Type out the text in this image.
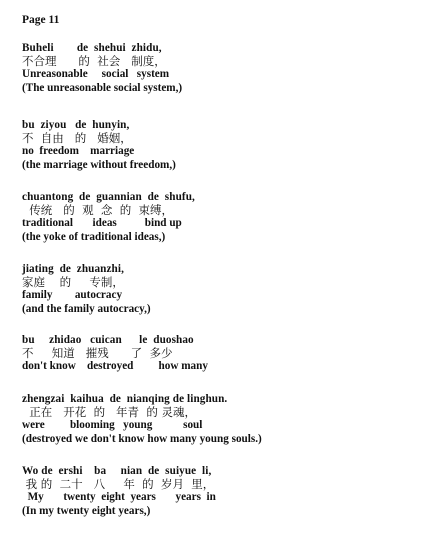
Page 11
Buheli        de  shehui  zhidu,
不合理      的  社会   制度，
Unreasonable     social   system
(The unreasonable social system,)
bu  ziyou   de  hunyin,
不  自由   的   婚姻，
no  freedom    marriage
(the marriage without freedom,)
chuantong  de  guannian  de  shufu,
传统   的  观  念  的  束缚，
traditional       ideas          bind up
(the yoke of traditional ideas,)
jiating  de  zhuanzhi,
家庭    的     专制，
family        autocracy
(and the family autocracy,)
bu     zhidao   cuican      le  duoshao
不     知道   摧残      了  多少
don't know    destroyed         how many
zhengzai  kaihua  de  nianqing de linghun.
正在   开花  的   年青  的 灵魂，
were         blooming   young           soul
(destroyed we don't know how many young souls.)
Wo de  ershi    ba     nian  de  suiyue  li,
我 的  二十   八     年  的  岁月  里，
My       twenty  eight  years       years  in
(In my twenty eight years,)
